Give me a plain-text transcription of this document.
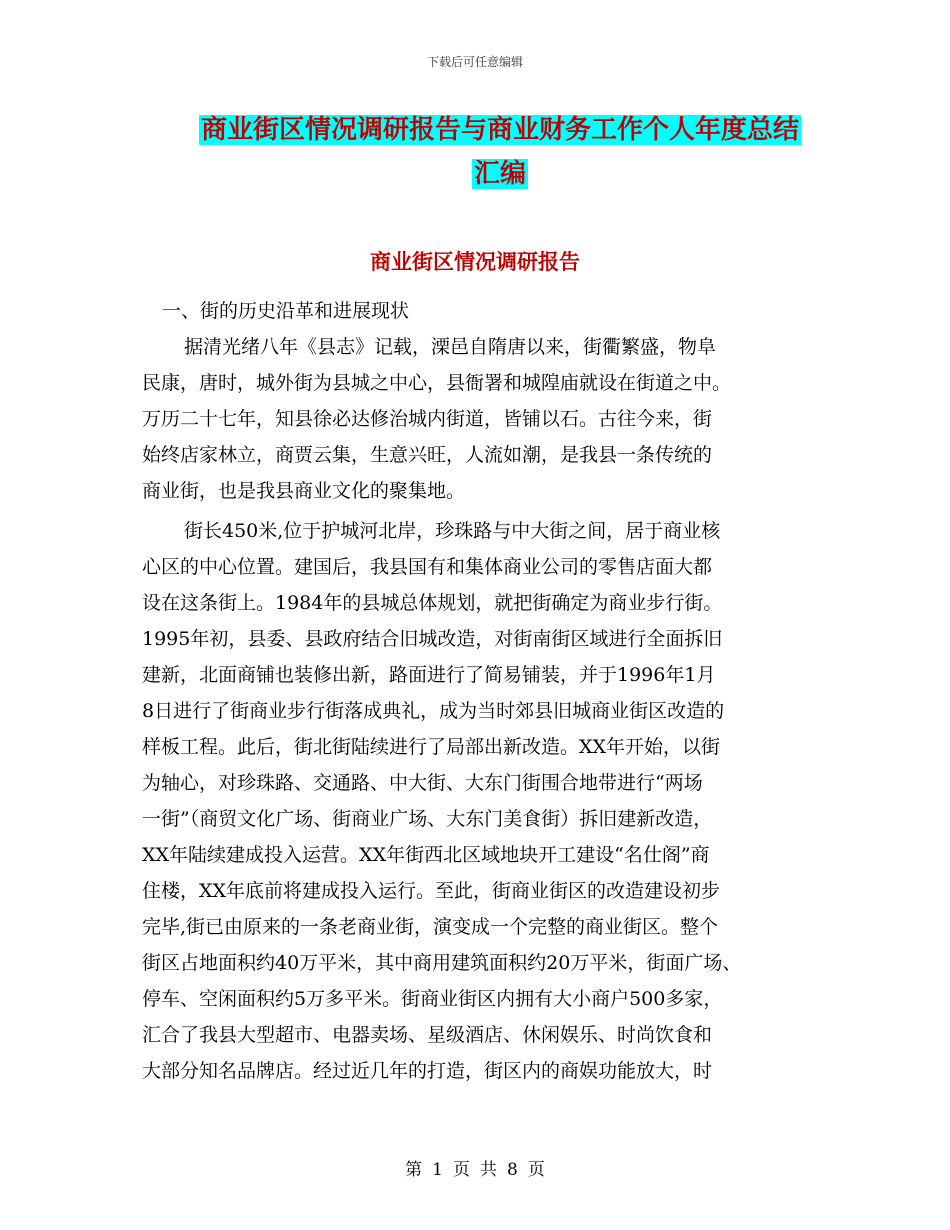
下载后可任意编辑
商业街区情况调研报告与商业财务工作个人年度总结
汇编
商业街区情况调研报告
一、街的历史沿革和进展现状
据清光绪八年《县志》记载，溧邑自隋唐以来，街衢繁盛，物阜
民康，唐时，城外街为县城之中心，县衙署和城隍庙就设在街道之中。
万历二十七年，知县徐必达修治城内街道，皆铺以石。古往今来，街
始终店家林立，商贾云集，生意兴旺，人流如潮，是我县一条传统的
商业街，也是我县商业文化的聚集地。
街长450米,位于护城河北岸，珍珠路与中大街之间，居于商业核
心区的中心位置。建国后，我县国有和集体商业公司的零售店面大都
设在这条街上。1984年的县城总体规划，就把街确定为商业步行街。
1995年初，县委、县政府结合旧城改造，对街南街区域进行全面拆旧
建新，北面商铺也装修出新，路面进行了简易铺装，并于1996年1月
8日进行了街商业步行街落成典礼，成为当时郊县旧城商业街区改造的
样板工程。此后，街北街陆续进行了局部出新改造。XX年开始，以街
为轴心，对珍珠路、交通路、中大街、大东门街围合地带进行“两场
一街”（商贸文化广场、街商业广场、大东门美食街）拆旧建新改造，
XX年陆续建成投入运营。XX年街西北区域地块开工建设“名仕阁”商
住楼，XX年底前将建成投入运行。至此，街商业街区的改造建设初步
完毕,街已由原来的一条老商业街，演变成一个完整的商业街区。整个
街区占地面积约40万平米，其中商用建筑面积约20万平米，街面广场、
停车、空闲面积约5万多平米。街商业街区内拥有大小商户500多家，
汇合了我县大型超市、电器卖场、星级酒店、休闲娱乐、时尚饮食和
大部分知名品牌店。经过近几年的打造，街区内的商娱功能放大，时
第 1 页 共 8 页
